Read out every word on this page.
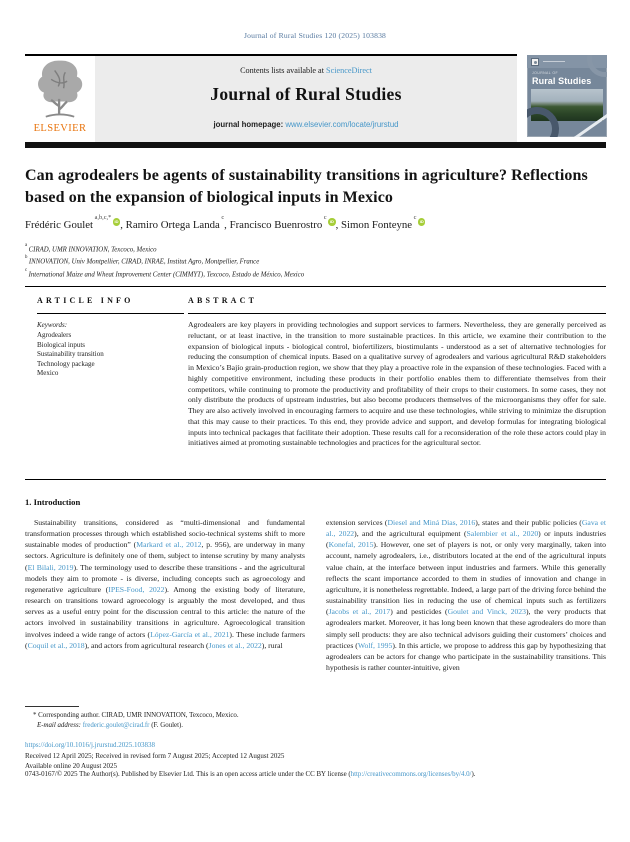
Journal of Rural Studies 120 (2025) 103838
Contents lists available at ScienceDirect
Journal of Rural Studies
journal homepage: www.elsevier.com/locate/jrurstud
ELSEVIER
JOURNAL OF
Rural Studies
Can agrodealers be agents of sustainability transitions in agriculture? Reflections based on the expansion of biological inputs in Mexico
Frédéric Goulet $^{a,b,c,*}$iD , Ramiro Ortega Landa $^c$, Francisco Buenrostro $^c$iD , Simon Fonteyne $^c$iD
$^a$CIRAD, UMR INNOVATION, Texcoco, Mexico
$^b$INNOVATION, Univ Montpellier, CIRAD, INRAE, Institut Agro, Montpellier, France
$^c$International Maize and Wheat Improvement Center (CIMMYT), Texcoco, Estado de México, Mexico
ARTICLE INFO
Keywords:
Agrodealers
Biological inputs
Sustainability transition
Technology package
Mexico
ABSTRACT
Agrodealers are key players in providing technologies and support services to farmers. Nevertheless, they are generally perceived as reluctant, or at least inactive, in the transition to more sustainable practices. In this article, we examine their contribution to the expansion of biological inputs - biological control, biofertilizers, biostimulants - understood as a set of alternative technologies for reducing the consumption of chemical inputs. Based on a qualitative survey of agrodealers and various agricultural R&D stakeholders in Mexico’s Bajío grain-production region, we show that they play a proactive role in the expansion of these technologies. Faced with a highly competitive environment, including these products in their portfolio enables them to differentiate themselves from their competitors, while continuing to promote the productivity and profitability of their crops to their customers. In some cases, they not only distribute the products of upstream industries, but also become producers themselves of the microorganisms they offer for sale. They are also actively involved in encouraging farmers to acquire and use these technologies, while striving to minimize the disruption that this may cause to their practices. To this end, they provide advice and support, and develop formulas for integrating biological inputs into technical packages that facilitate their adoption. These results call for a reconsideration of the role these actors could play in initiatives aimed at promoting sustainable technologies and practices for the agricultural sector.
1. Introduction
Sustainability transitions, considered as “multi-dimensional and fundamental transformation processes through which established socio-technical systems shift to more sustainable modes of production” (Markard et al., 2012, p. 956), are underway in many sectors. Agriculture is definitely one of them, subject to intense scrutiny by many analysts (El Bilali, 2019). The terminology used to describe these transitions - and the agricultural models they aim to promote - is diverse, including concepts such as agroecology and regenerative agriculture (IPES-Food, 2022). Among the existing body of literature, research on transitions toward agroecology is arguably the most developed, and thus serves as a useful entry point for the discussion central to this article: the nature of the actors involved in sustainability transitions in agriculture. Agroecological transition involves indeed a wide range of actors (López-García et al., 2021). These include farmers (Coquil et al., 2018), and actors from agricultural research (Jones et al., 2022), rural
extension services (Diesel and Miná Dias, 2016), states and their public policies (Gava et al., 2022), and the agricultural equipment (Salembier et al., 2020) or inputs industries (Konefal, 2015). However, one set of players is not, or only very marginally, taken into account, namely agrodealers, i.e., distributors located at the end of the agricultural inputs value chain, at the interface between input industries and farmers. While this generally reflects the scant importance accorded to them in studies of innovation and change in agriculture, it is nonetheless regrettable. Indeed, a large part of the driving force behind the sustainability transition lies in reducing the use of chemical inputs such as fertilizers (Jacobs et al., 2017) and pesticides (Goulet and Vinck, 2023), the very products that agrodealers market. Moreover, it has long been known that these agrodealers do more than simply sell products: they are also technical advisors guiding their customers’ choices and practices (Wolf, 1995). In this article, we propose to address this gap by hypothesizing that agrodealers can be actors for change who participate in the sustainability transitions. This hypothesis is rather counter-intuitive, given
* Corresponding author. CIRAD, UMR INNOVATION, Texcoco, Mexico.
E-mail address: frederic.goulet@cirad.fr (F. Goulet).
https://doi.org/10.1016/j.jrurstud.2025.103838
Received 12 April 2025; Received in revised form 7 August 2025; Accepted 12 August 2025
Available online 20 August 2025
0743-0167/© 2025 The Author(s). Published by Elsevier Ltd. This is an open access article under the CC BY license (http://creativecommons.org/licenses/by/4.0/).
